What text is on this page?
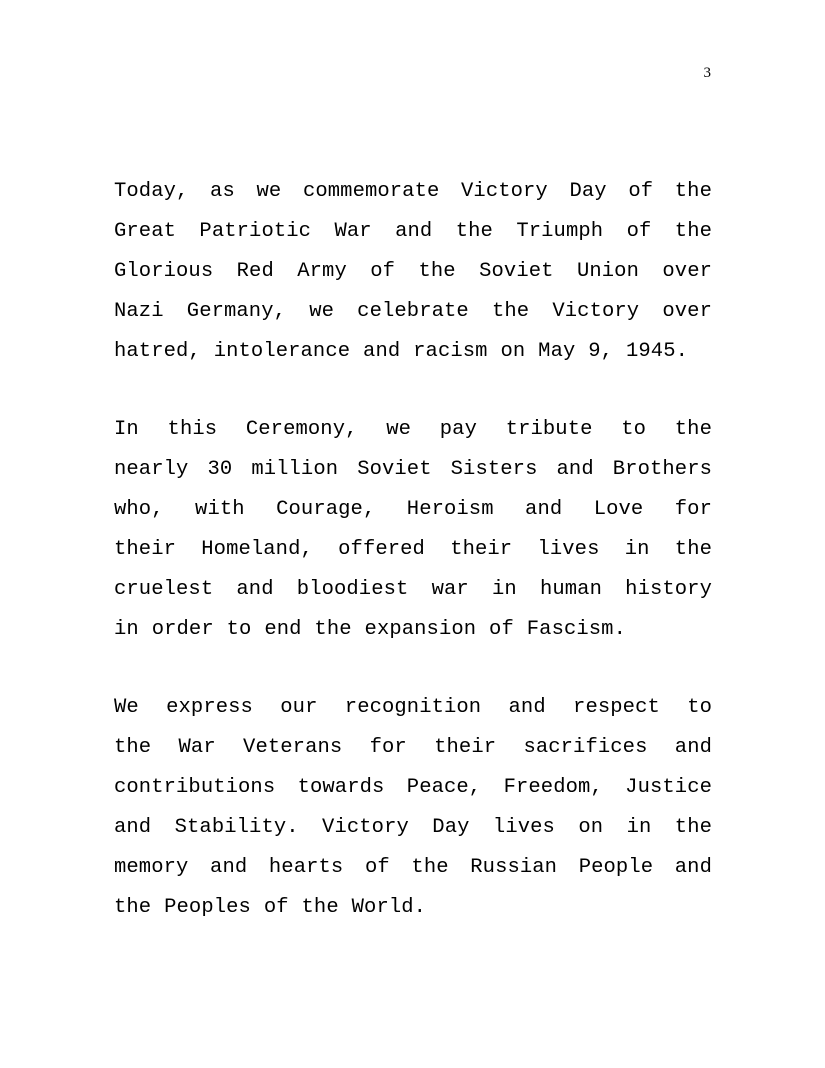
3

Today, as we commemorate Victory Day of the
Great Patriotic War and the Triumph of the
Glorious Red Army of the Soviet Union over
Nazi Germany, we celebrate the Victory over
hatred, intolerance and racism on May 9, 1945.

In this Ceremony, we pay tribute to the
nearly 30 million Soviet Sisters and Brothers
who, with Courage, Heroism and Love for
their Homeland, offered their lives in the
cruelest and bloodiest war in human history
in order to end the expansion of Fascism.

We express our recognition and respect to
the War Veterans for their sacrifices and
contributions towards Peace, Freedom, Justice
and Stability. Victory Day lives on in the
memory and hearts of the Russian People and
the Peoples of the World.
